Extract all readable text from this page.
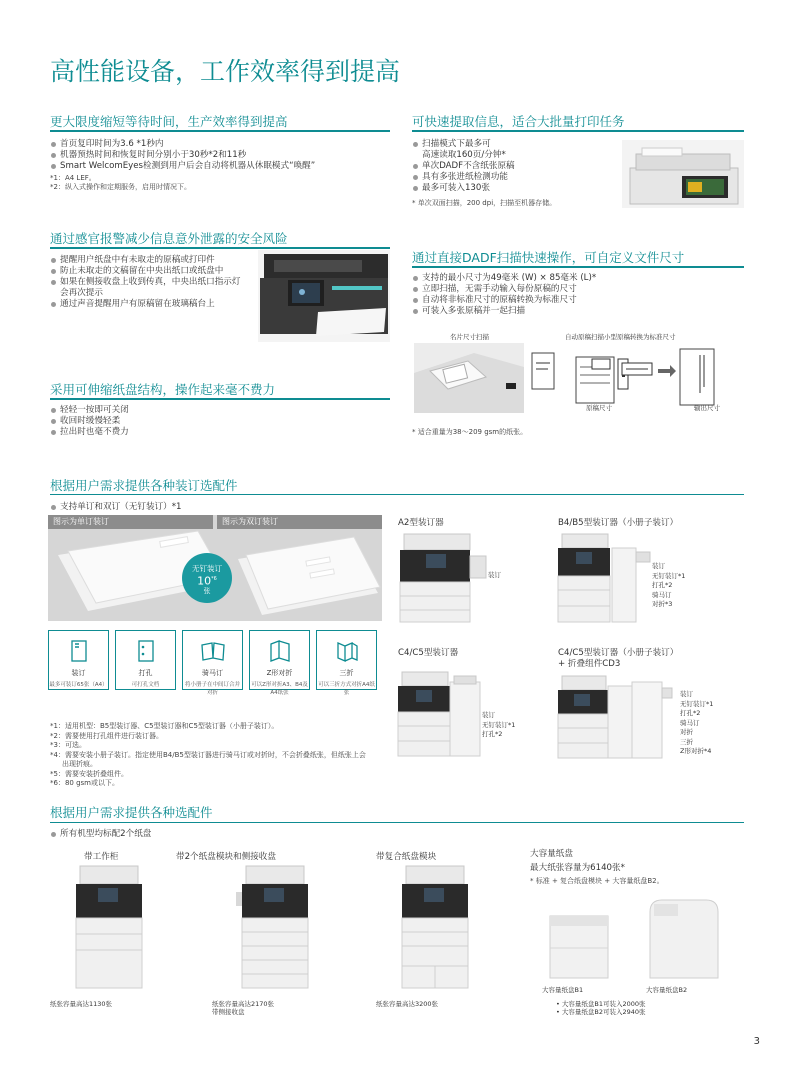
高性能设备，工作效率得到提高
更大限度缩短等待时间，生产效率得到提高
首页复印时间为3.6 *1秒内
机器预热时间和恢复时间分别小于30秒*2和11秒
Smart WelcomEyes检测到用户后会自动将机器从休眠模式“唤醒”
*1：A4 LEF。
*2：纵入式操作和定期服务，启用时情况下。
可快速提取信息，适合大批量打印任务
扫描模式下最多可
高速读取160页/分钟*
单次DADF不含纸张原稿
具有多张进纸检测功能
最多可装入130张
* 单次双面扫描，200 dpi，扫描至机器存储。
通过感官报警减少信息意外泄露的安全风险
提醒用户纸盘中有未取走的原稿或打印件
防止未取走的文稿留在中央出纸口或纸盘中
如果在侧接收盘上收到传真，中央出纸口指示灯
会再次提示
通过声音提醒用户有原稿留在玻璃稿台上
通过直接DADF扫描快速操作，可自定义文件尺寸
支持的最小尺寸为49毫米 (W) × 85毫米 (L)*
立即扫描，无需手动输入每份原稿的尺寸
自动将非标准尺寸的原稿转换为标准尺寸
可装入多张原稿并一起扫描
名片尺寸扫描	自动原稿扫描小型原稿转换为标准尺寸
原稿尺寸	输出尺寸
* 适合重量为38～209 gsm的纸张。
采用可伸缩纸盘结构，操作起来毫不费力
轻轻一按即可关闭
收回时缓慢轻柔
拉出时也毫不费力
根据用户需求提供各种装订选配件
支持单订和双订（无钉装订）*1
图示为单订装订	图示为双订装订
无钉装订
10$^{*6}$
张
装订
最多可装订65张（A4）
打孔
可打孔文档
骑马订
将小册子在中间订合并对折
Z形对折
可以Z形对折A3、B4及A4纸张
三折
可以三折方式对折A4纸张
A2型装订器
装订
B4/B5型装订器（小册子装订）
装订
无钉装订*1
打孔*2
骑马订
对折*3
C4/C5型装订器
装订
无钉装订*1
打孔*2
C4/C5型装订器（小册子装订）
+ 折叠组件CD3
装订
无钉装订*1
打孔*2
骑马订
对折
三折
Z形对折*4
*1：适用机型：B5型装订器、C5型装订器和C5型装订器（小册子装订）。
*2：需要使用打孔组件进行装订器。
*3：可选。
*4：需要安装小册子装订。指定使用B4/B5型装订器进行骑马订或对折时，不会折叠纸张，但纸张上会
出现折痕。
*5：需要安装折叠组件。
*6：80 gsm或以下。
根据用户需求提供各种选配件
所有机型均标配2个纸盘
带工作柜
纸张容量高达1130张
带2个纸盘模块和侧接收盘
纸张容量高达2170张
带侧接收盘
带复合纸盘模块
纸张容量高达3200张
大容量纸盘
最大纸张容量为6140张*
* 标准 + 复合纸盘模块 + 大容量纸盘B2。
大容量纸盘B1	大容量纸盘B2
• 大容量纸盘B1可装入2000张
• 大容量纸盘B2可装入2940张
3
